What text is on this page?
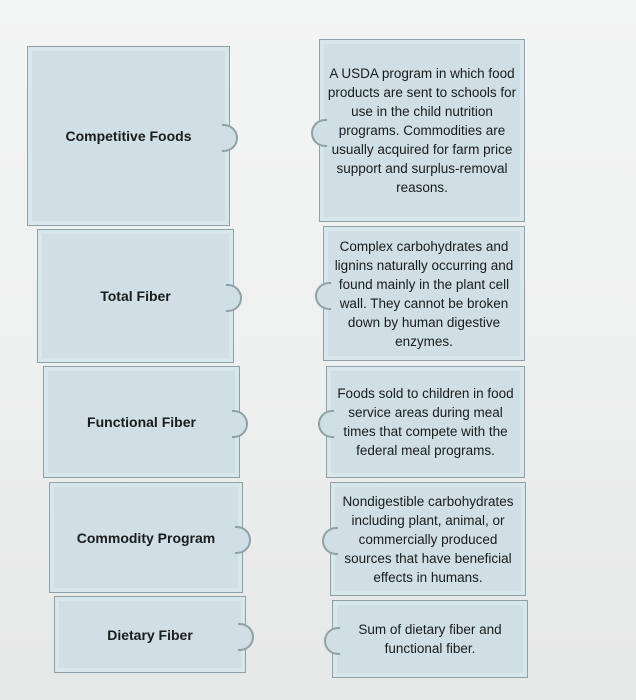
Competitive Foods
Total Fiber
Functional Fiber
Commodity Program
Dietary Fiber
A USDA program in which food products are sent to schools for use in the child nutrition programs. Commodities are usually acquired for farm price support and surplus-removal reasons.
Complex carbohydrates and lignins naturally occurring and found mainly in the plant cell wall. They cannot be broken down by human digestive enzymes.
Foods sold to children in food service areas during meal times that compete with the federal meal programs.
Nondigestible carbohydrates including plant, animal, or commercially produced sources that have beneficial effects in humans.
Sum of dietary fiber and functional fiber.
